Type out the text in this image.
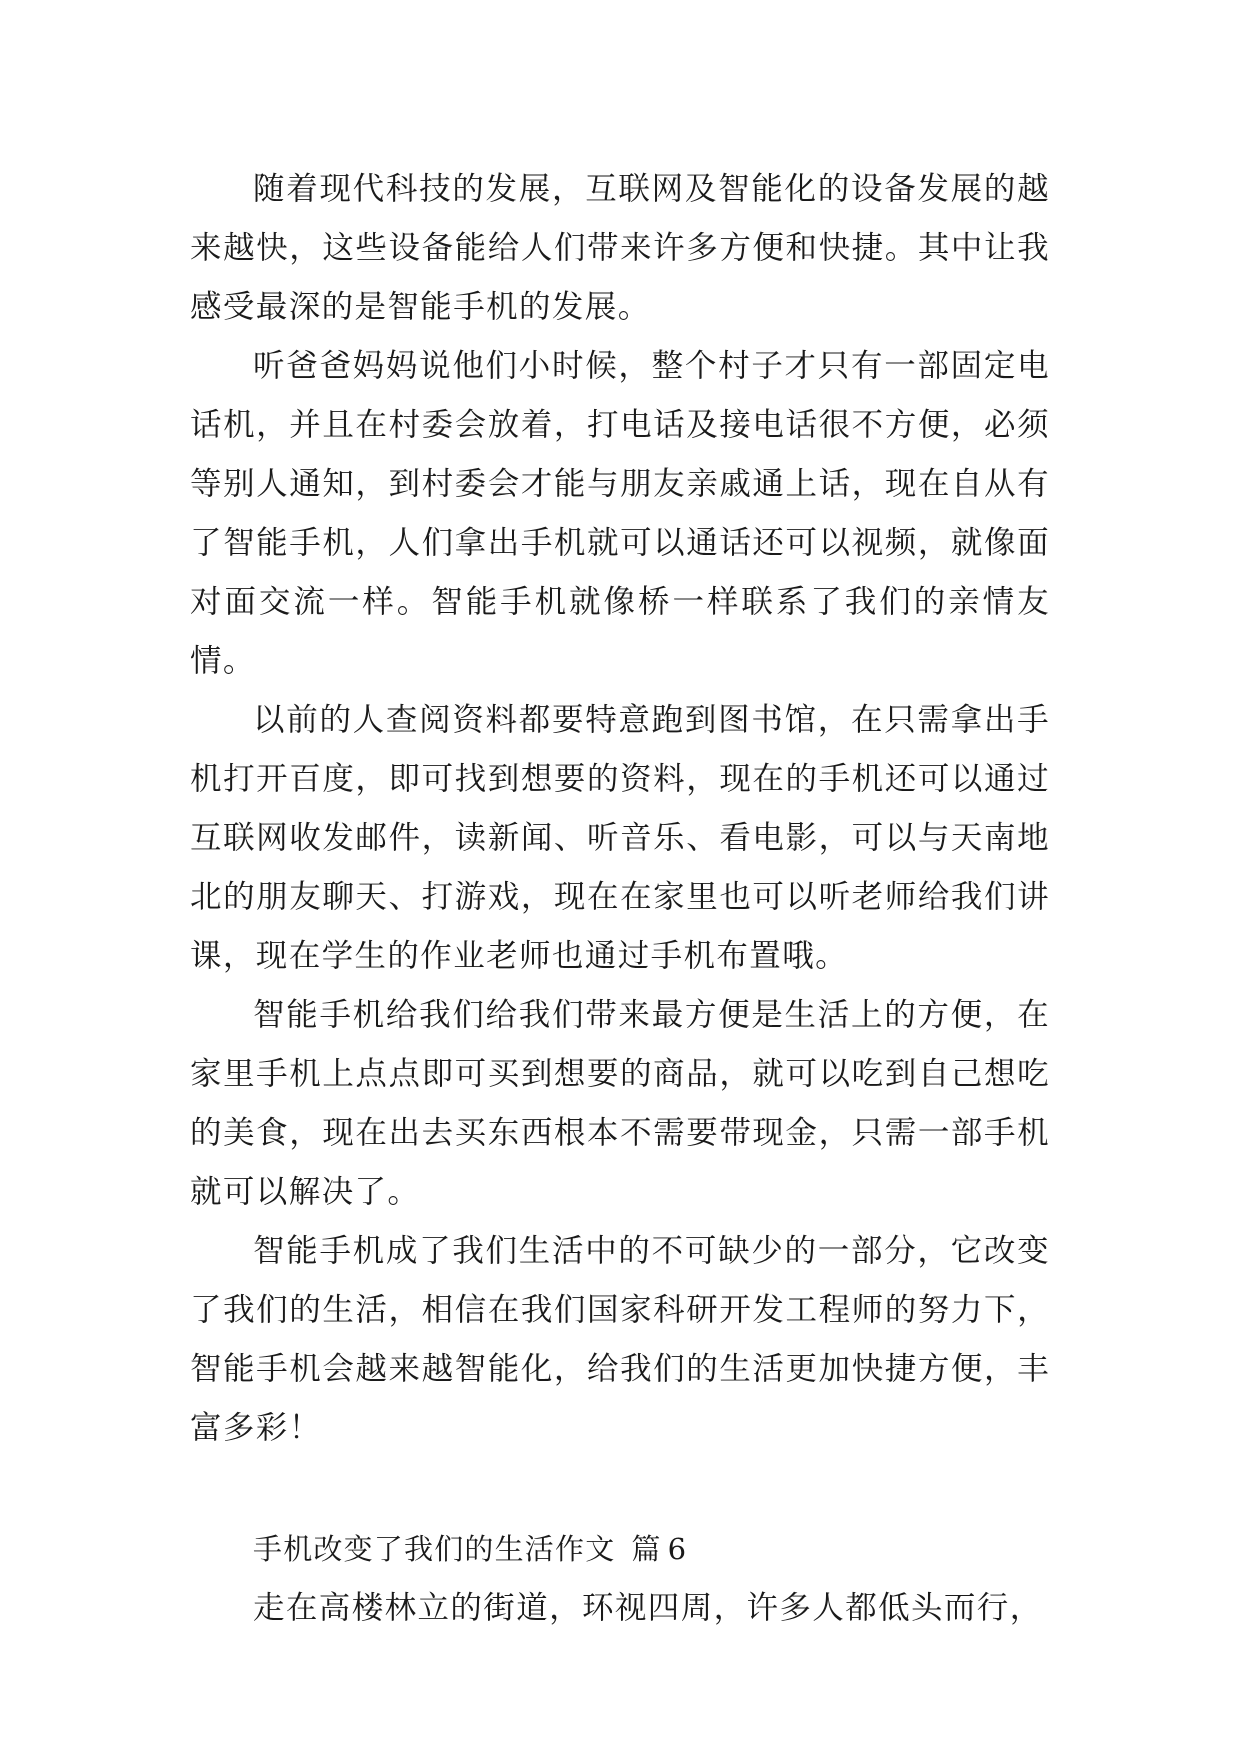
随着现代科技的发展，互联网及智能化的设备发展的越来越快，这些设备能给人们带来许多方便和快捷。其中让我感受最深的是智能手机的发展。

听爸爸妈妈说他们小时候，整个村子才只有一部固定电话机，并且在村委会放着，打电话及接电话很不方便，必须等别人通知，到村委会才能与朋友亲戚通上话，现在自从有了智能手机，人们拿出手机就可以通话还可以视频，就像面对面交流一样。智能手机就像桥一样联系了我们的亲情友情。

以前的人查阅资料都要特意跑到图书馆，在只需拿出手机打开百度，即可找到想要的资料，现在的手机还可以通过互联网收发邮件，读新闻、听音乐、看电影，可以与天南地北的朋友聊天、打游戏，现在在家里也可以听老师给我们讲课，现在学生的作业老师也通过手机布置哦。

智能手机给我们给我们带来最方便是生活上的方便，在家里手机上点点即可买到想要的商品，就可以吃到自己想吃的美食，现在出去买东西根本不需要带现金，只需一部手机就可以解决了。

智能手机成了我们生活中的不可缺少的一部分，它改变了我们的生活，相信在我们国家科研开发工程师的努力下，智能手机会越来越智能化，给我们的生活更加快捷方便，丰富多彩！

手机改变了我们的生活作文 篇 6

走在高楼林立的街道，环视四周，许多人都低头而行，
